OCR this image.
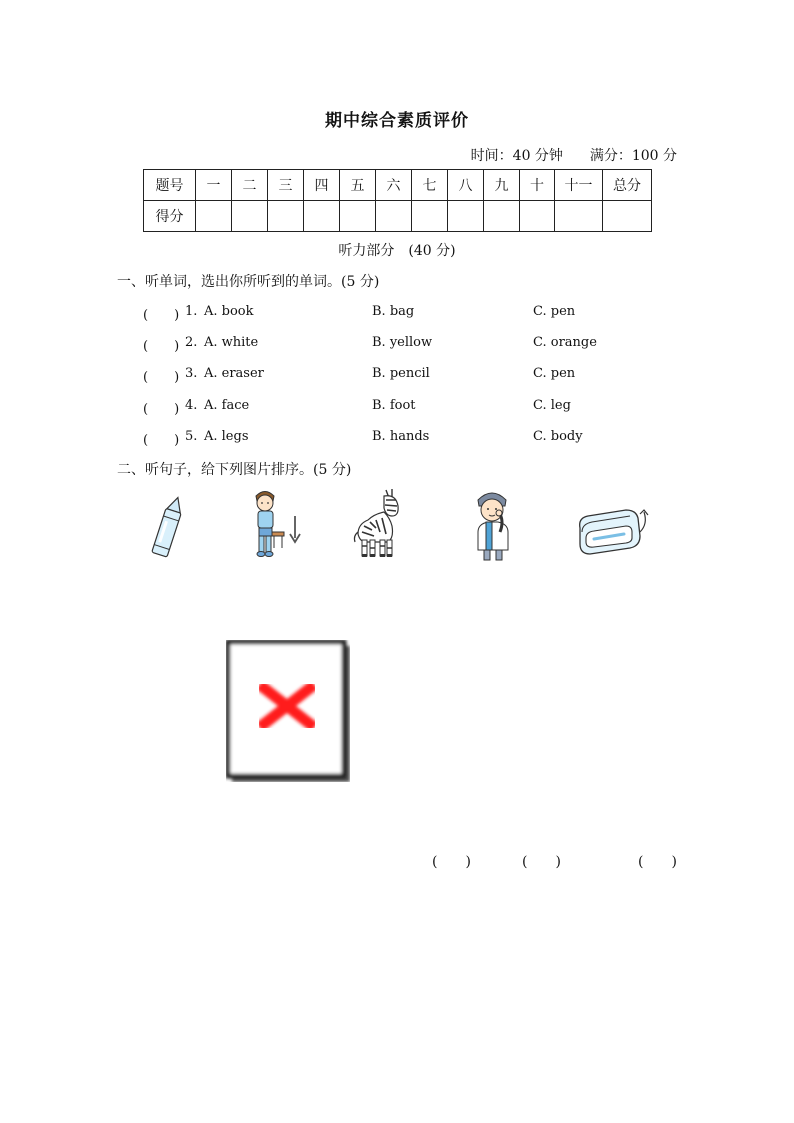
期中综合素质评价
时间：40 分钟 满分：100 分
题号	一	二	三	四	五	六	七	八	九	十	十一	总分
得分												
听力部分　(40 分)
一、听单词，选出你所听到的单词。(5 分)
(　　) 1. A. book	B. bag	C. pen
(　　) 2. A. white	B. yellow	C. orange
(　　) 3. A. eraser	B. pencil	C. pen
(　　) 4. A. face	B. foot	C. leg
(　　) 5. A. legs	B. hands	C. body
二、听句子，给下列图片排序。(5 分)
(　　)	(　　)	(　　)
